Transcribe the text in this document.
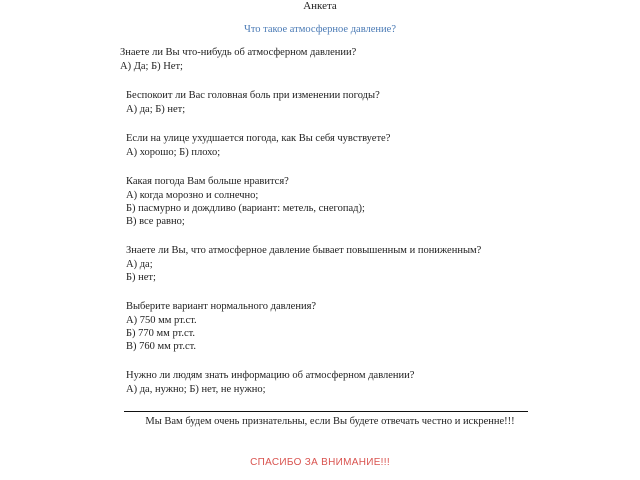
Анкета
Что такое атмосферное давление?
Знаете ли Вы что-нибудь об атмосферном давлении?
А) Да; Б) Нет;
Беспокоит ли Вас головная боль при изменении погоды?
А) да; Б) нет;
Если на улице ухудшается погода, как Вы себя чувствуете?
А) хорошо; Б) плохо;
Какая погода Вам больше нравится?
А) когда морозно и солнечно;
Б) пасмурно и дождливо (вариант: метель, снегопад);
В) все равно;
Знаете ли Вы, что атмосферное давление бывает повышенным и пониженным?
А) да;
Б) нет;
Выберите вариант нормального давления?
А) 750 мм рт.ст.
Б) 770 мм рт.ст.
В) 760 мм рт.ст.
Нужно ли людям знать информацию об атмосферном давлении?
А) да, нужно; Б) нет, не нужно;
Мы Вам будем очень признательны, если Вы будете отвечать честно и искренне!!!
СПАСИБО ЗА ВНИМАНИЕ!!!
